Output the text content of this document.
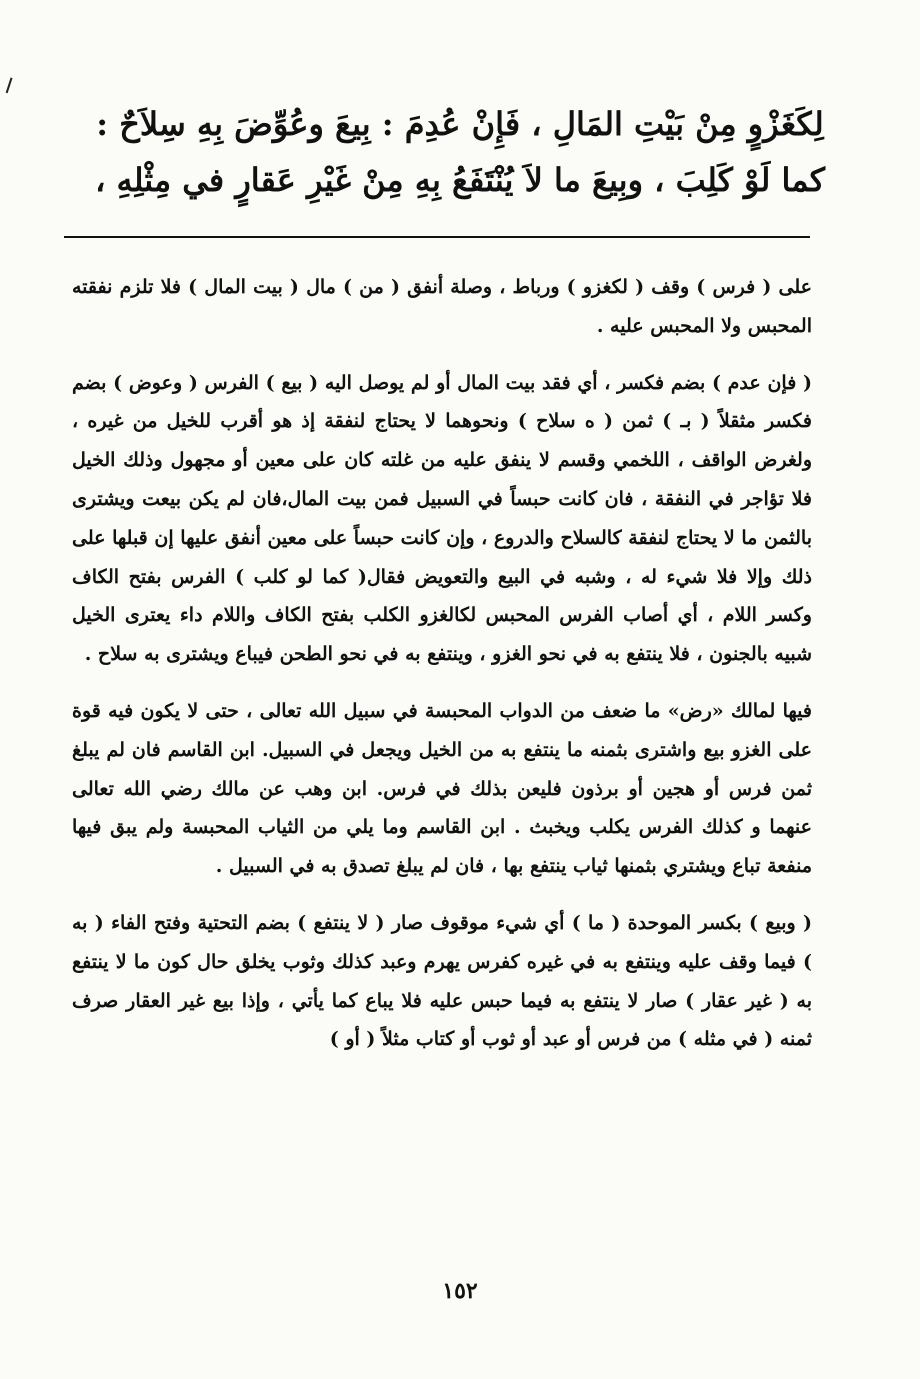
لِكَغَزْوٍ مِنْ بَيْتِ المَالِ ، فَإِنْ عُدِمَ : بِيعَ وعُوِّضَ بِهِ سِلاَحٌ :
كما لَوْ كَلِبَ ، وبِيعَ ما لاَ يُنْتَفَعُ بِهِ مِنْ غَيْرِ عَقارٍ في مِثْلِهِ ،

على ( فرس ) وقف ( لكغزو ) ورباط ، وصلة أنفق ( من ) مال ( بيت المال ) فلا تلزم نفقته المحبس ولا المحبس عليه .

( فإن عدم ) بضم فكسر ، أي فقد بيت المال أو لم يوصل اليه ( بيع ) الفرس ( وعوض ) بضم فكسر مثقلاً ( بـ ) ثمن ( ه سلاح ) ونحوهما لا يحتاج لنفقة إذ هو أقرب للخيل من غيره ، ولغرض الواقف ، اللخمي وقسم لا ينفق عليه من غلته كان على معين أو مجهول وذلك الخيل فلا تؤاجر في النفقة ، فان كانت حبساً في السبيل فمن بيت المال،فان لم يكن بيعت ويشترى بالثمن ما لا يحتاج لنفقة كالسلاح والدروع ، وإن كانت حبساً على معين أنفق عليها إن قبلها على ذلك وإلا فلا شيء له ، وشبه في البيع والتعويض فقال( كما لو كلب ) الفرس بفتح الكاف وكسر اللام ، أي أصاب الفرس المحبس لكالغزو الكلب بفتح الكاف واللام داء يعترى الخيل شبيه بالجنون ، فلا ينتفع به في نحو الغزو ، وينتفع به في نحو الطحن فيباع ويشترى به سلاح .

فيها لمالك «رض» ما ضعف من الدواب المحبسة في سبيل الله تعالى ، حتى لا يكون فيه قوة على الغزو بيع واشترى بثمنه ما ينتفع به من الخيل ويجعل في السبيل. ابن القاسم فان لم يبلغ ثمن فرس أو هجين أو برذون فليعن بذلك في فرس. ابن وهب عن مالك رضي الله تعالى عنهما و كذلك الفرس يكلب ويخبث . ابن القاسم وما يلي من الثياب المحبسة ولم يبق فيها منفعة تباع ويشتري بثمنها ثياب ينتفع بها ، فان لم يبلغ تصدق به في السبيل .

( وبيع ) بكسر الموحدة ( ما ) أي شيء موقوف صار ( لا ينتفع ) بضم التحتية وفتح الفاء ( به ) فيما وقف عليه وينتفع به في غيره كفرس يهرم وعبد كذلك وثوب يخلق حال كون ما لا ينتفع به ( غير عقار ) صار لا ينتفع به فيما حبس عليه فلا يباع كما يأتي ، وإذا بيع غير العقار صرف ثمنه ( في مثله ) من فرس أو عبد أو ثوب أو كتاب مثلاً ( أو )

١٥٢
